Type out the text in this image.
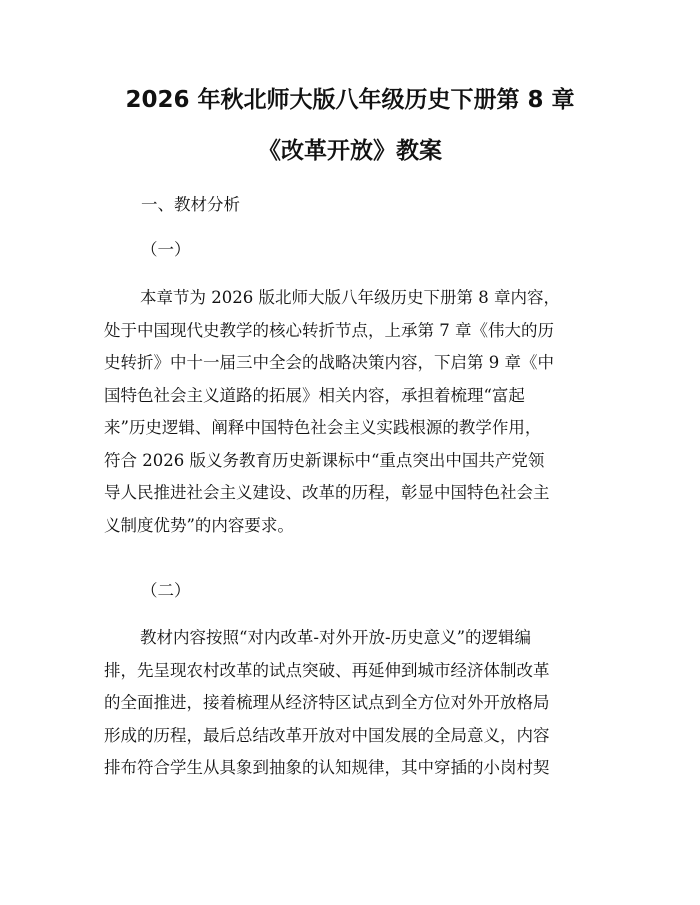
2026 年秋北师大版八年级历史下册第 8 章
《改革开放》教案
一、教材分析
（一）
本章节为 2026 版北师大版八年级历史下册第 8 章内容，
处于中国现代史教学的核心转折节点，上承第 7 章《伟大的历
史转折》中十一届三中全会的战略决策内容，下启第 9 章《中
国特色社会主义道路的拓展》相关内容，承担着梳理“富起
来”历史逻辑、阐释中国特色社会主义实践根源的教学作用，
符合 2026 版义务教育历史新课标中“重点突出中国共产党领
导人民推进社会主义建设、改革的历程，彰显中国特色社会主
义制度优势”的内容要求。
（二）
教材内容按照“对内改革-对外开放-历史意义”的逻辑编
排，先呈现农村改革的试点突破、再延伸到城市经济体制改革
的全面推进，接着梳理从经济特区试点到全方位对外开放格局
形成的历程，最后总结改革开放对中国发展的全局意义，内容
排布符合学生从具象到抽象的认知规律，其中穿插的小岗村契
